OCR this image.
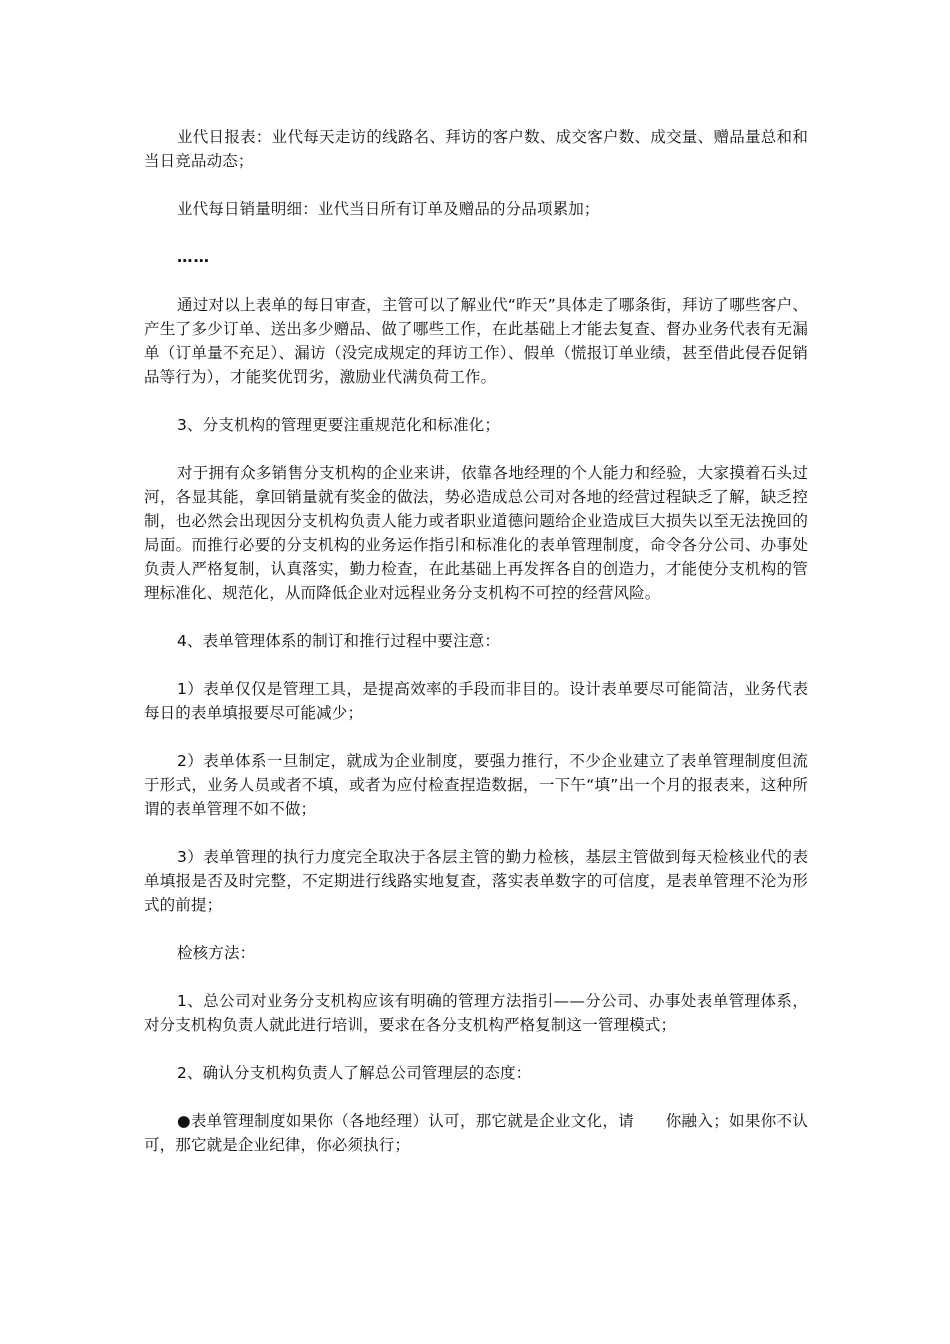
业代日报表：业代每天走访的线路名、拜访的客户数、成交客户数、成交量、赠品量总和和当日竞品动态；

业代每日销量明细：业代当日所有订单及赠品的分品项累加；

……

通过对以上表单的每日审查，主管可以了解业代“昨天”具体走了哪条街，拜访了哪些客户、产生了多少订单、送出多少赠品、做了哪些工作，在此基础上才能去复查、督办业务代表有无漏单（订单量不充足）、漏访（没完成规定的拜访工作）、假单（慌报订单业绩，甚至借此侵吞促销品等行为），才能奖优罚劣，激励业代满负荷工作。

3、分支机构的管理更要注重规范化和标准化；

对于拥有众多销售分支机构的企业来讲，依靠各地经理的个人能力和经验，大家摸着石头过河，各显其能，拿回销量就有奖金的做法，势必造成总公司对各地的经营过程缺乏了解，缺乏控制，也必然会出现因分支机构负责人能力或者职业道德问题给企业造成巨大损失以至无法挽回的局面。而推行必要的分支机构的业务运作指引和标准化的表单管理制度，命令各分公司、办事处负责人严格复制，认真落实，勤力检查，在此基础上再发挥各自的创造力，才能使分支机构的管理标准化、规范化，从而降低企业对远程业务分支机构不可控的经营风险。

4、表单管理体系的制订和推行过程中要注意：

1）表单仅仅是管理工具，是提高效率的手段而非目的。设计表单要尽可能简洁，业务代表每日的表单填报要尽可能减少；

2）表单体系一旦制定，就成为企业制度，要强力推行，不少企业建立了表单管理制度但流于形式，业务人员或者不填，或者为应付检查捏造数据，一下午“填”出一个月的报表来，这种所谓的表单管理不如不做；

3）表单管理的执行力度完全取决于各层主管的勤力检核，基层主管做到每天检核业代的表单填报是否及时完整，不定期进行线路实地复查，落实表单数字的可信度，是表单管理不沦为形式的前提；

检核方法：

1、总公司对业务分支机构应该有明确的管理方法指引——分公司、办事处表单管理体系，对分支机构负责人就此进行培训，要求在各分支机构严格复制这一管理模式；

2、确认分支机构负责人了解总公司管理层的态度：

●表单管理制度如果你（各地经理）认可，那它就是企业文化，请　　你融入；如果你不认可，那它就是企业纪律，你必须执行；
